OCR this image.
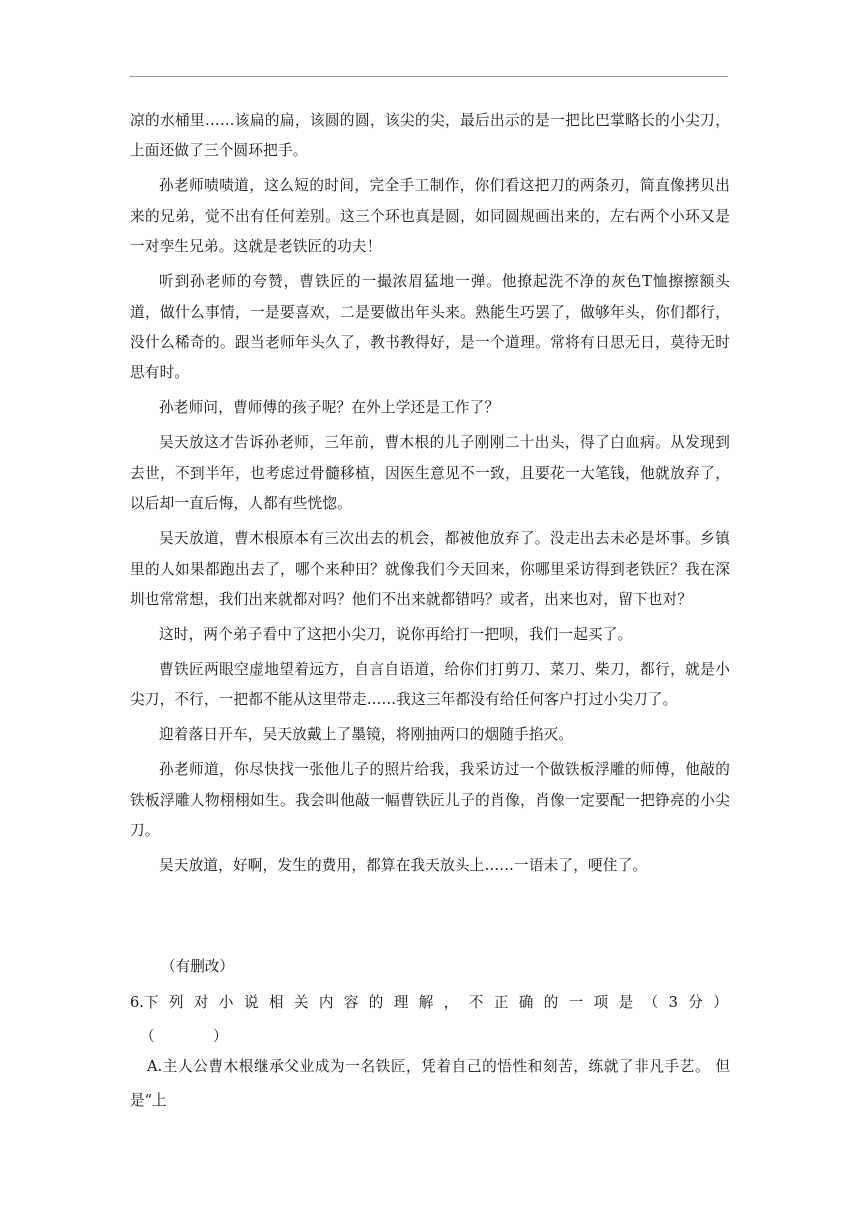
凉的水桶里……该扁的扁，该圆的圆，该尖的尖，最后出示的是一把比巴掌略长的小尖刀，上面还做了三个圆环把手。

孙老师啧啧道，这么短的时间，完全手工制作，你们看这把刀的两条刃，简直像拷贝出来的兄弟，觉不出有任何差别。这三个环也真是圆，如同圆规画出来的，左右两个小环又是一对孪生兄弟。这就是老铁匠的功夫！

听到孙老师的夸赞，曹铁匠的一撮浓眉猛地一弹。他撩起洗不净的灰色T恤擦擦额头道，做什么事情，一是要喜欢，二是要做出年头来。熟能生巧罢了，做够年头，你们都行，没什么稀奇的。跟当老师年头久了，教书教得好，是一个道理。常将有日思无日，莫待无时思有时。

孙老师问，曹师傅的孩子呢？在外上学还是工作了？

吴天放这才告诉孙老师，三年前，曹木根的儿子刚刚二十出头，得了白血病。从发现到去世，不到半年，也考虑过骨髓移植，因医生意见不一致，且要花一大笔钱，他就放弃了，以后却一直后悔，人都有些恍惚。

吴天放道，曹木根原本有三次出去的机会，都被他放弃了。没走出去未必是坏事。乡镇里的人如果都跑出去了，哪个来种田？就像我们今天回来，你哪里采访得到老铁匠？我在深圳也常常想，我们出来就都对吗？他们不出来就都错吗？或者，出来也对，留下也对？

这时，两个弟子看中了这把小尖刀，说你再给打一把呗，我们一起买了。

曹铁匠两眼空虚地望着远方，自言自语道，给你们打剪刀、菜刀、柴刀，都行，就是小尖刀，不行，一把都不能从这里带走……我这三年都没有给任何客户打过小尖刀了。

迎着落日开车，吴天放戴上了墨镜，将刚抽两口的烟随手掐灭。

孙老师道，你尽快找一张他儿子的照片给我，我采访过一个做铁板浮雕的师傅，他敲的铁板浮雕人物栩栩如生。我会叫他敲一幅曹铁匠儿子的肖像，肖像一定要配一把铮亮的小尖刀。

吴天放道，好啊，发生的费用，都算在我天放头上……一语未了，哽住了。

（有删改）
6.下 列 对 小 说 相 关 内 容 的 理 解 ， 不 正 确 的 一 项 是 （ 3 分 ）
（　　　　）
A.主人公曹木根继承父业成为一名铁匠，凭着自己的悟性和刻苦，练就了非凡手艺。 但是“上
